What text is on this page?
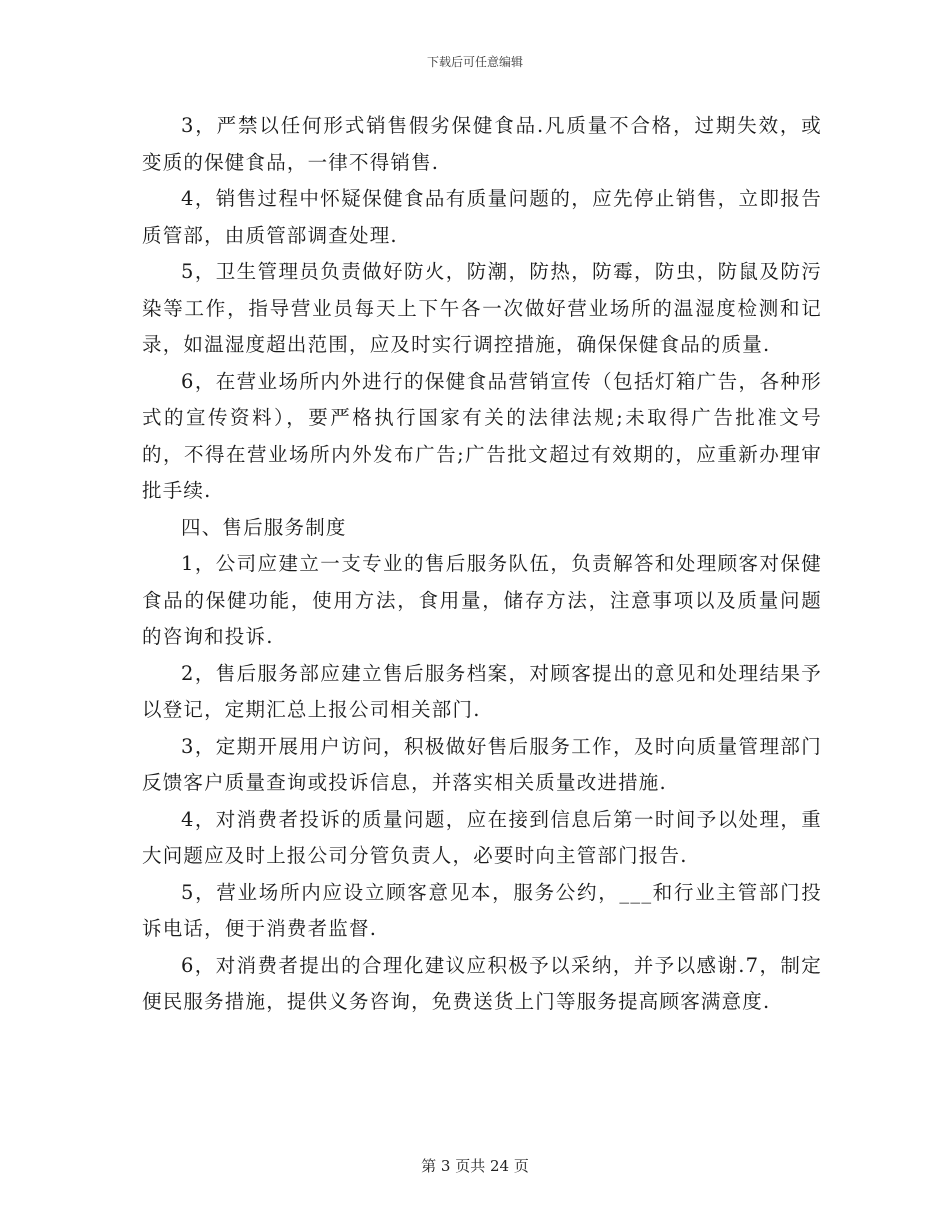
下载后可任意编辑

3，严禁以任何形式销售假劣保健食品.凡质量不合格，过期失效，或变质的保健食品，一律不得销售.

4，销售过程中怀疑保健食品有质量问题的，应先停止销售，立即报告质管部，由质管部调查处理.

5，卫生管理员负责做好防火，防潮，防热，防霉，防虫，防鼠及防污染等工作，指导营业员每天上下午各一次做好营业场所的温湿度检测和记录，如温湿度超出范围，应及时实行调控措施，确保保健食品的质量.

6，在营业场所内外进行的保健食品营销宣传（包括灯箱广告，各种形式的宣传资料），要严格执行国家有关的法律法规;未取得广告批准文号的，不得在营业场所内外发布广告;广告批文超过有效期的，应重新办理审批手续.

四、售后服务制度

1，公司应建立一支专业的售后服务队伍，负责解答和处理顾客对保健食品的保健功能，使用方法，食用量，储存方法，注意事项以及质量问题的咨询和投诉.

2，售后服务部应建立售后服务档案，对顾客提出的意见和处理结果予以登记，定期汇总上报公司相关部门.

3，定期开展用户访问，积极做好售后服务工作，及时向质量管理部门反馈客户质量查询或投诉信息，并落实相关质量改进措施.

4，对消费者投诉的质量问题，应在接到信息后第一时间予以处理，重大问题应及时上报公司分管负责人，必要时向主管部门报告.

5，营业场所内应设立顾客意见本，服务公约，___和行业主管部门投诉电话，便于消费者监督.

6，对消费者提出的合理化建议应积极予以采纳，并予以感谢.7，制定便民服务措施，提供义务咨询，免费送货上门等服务提高顾客满意度.

第 3 页共 24 页
